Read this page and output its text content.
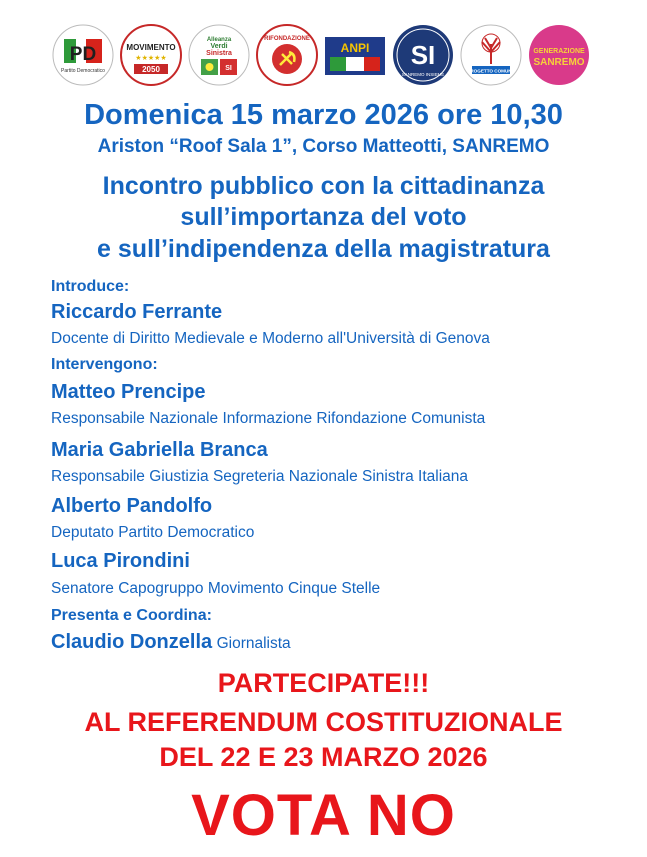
PD
Partito Democratico
MOVIMENTO
★★★★★
2050
Alleanza
Verdi
Sinistra
SI
RIFONDAZIONE
ANPI SI
SANREMO INSIEME
PROGETTO COMUNE
GENERAZIONE
SANREMO
Domenica 15 marzo 2026 ore 10,30
Ariston “Roof Sala 1”, Corso Matteotti, SANREMO
Incontro pubblico con la cittadinanza
sull’importanza del voto
e sull’indipendenza della magistratura
Introduce:
Riccardo Ferrante
Docente di Diritto Medievale e Moderno all'Università di Genova
Intervengono:
Matteo Prencipe
Responsabile Nazionale Informazione Rifondazione Comunista
Maria Gabriella Branca
Responsabile Giustizia Segreteria Nazionale Sinistra Italiana
Alberto Pandolfo
Deputato Partito Democratico
Luca Pirondini
Senatore Capogruppo Movimento Cinque Stelle
Presenta e Coordina:
Claudio Donzella Giornalista
PARTECIPATE!!!
AL REFERENDUM COSTITUZIONALE
DEL 22 E 23 MARZO 2026
VOTA NO
